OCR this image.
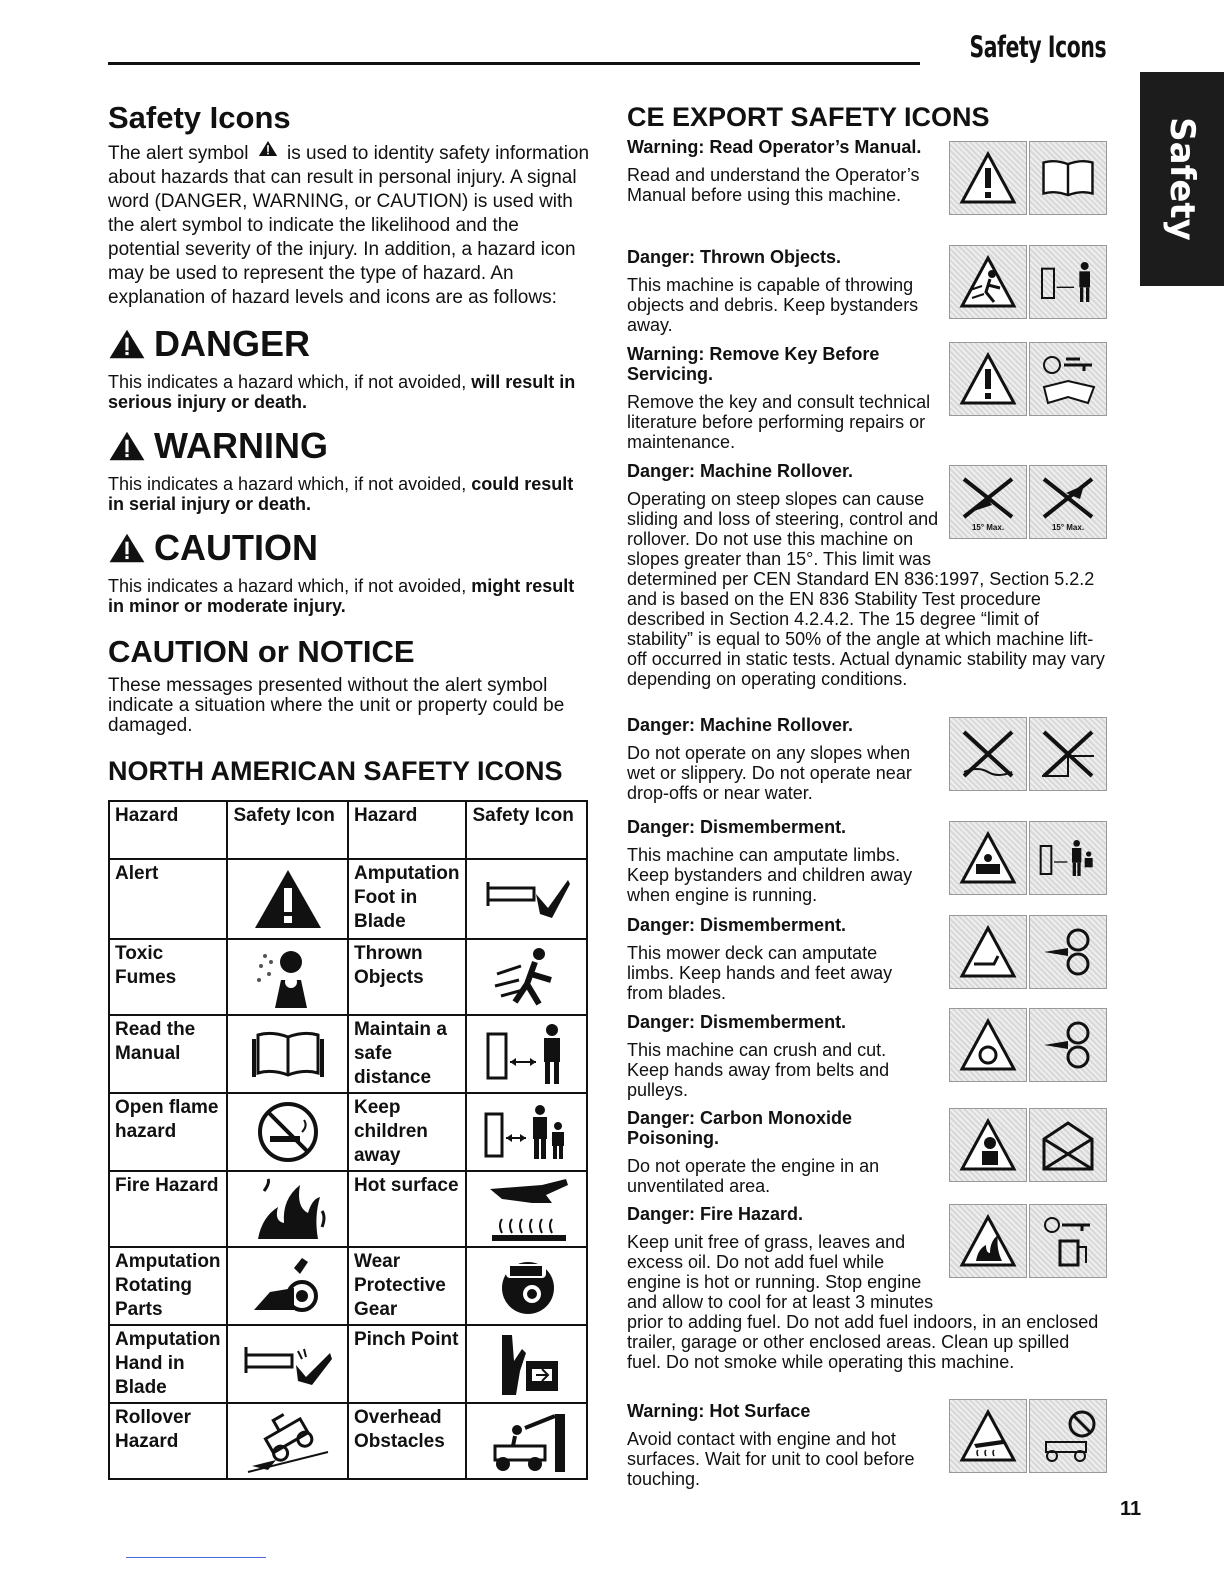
Safety Icons
Safety
Safety Icons

The alert symbol is used to identity safety information about hazards that can result in personal injury. A signal word (DANGER, WARNING, or CAUTION) is used with the alert symbol to indicate the likelihood and the potential severity of the injury. In addition, a hazard icon may be used to represent the type of hazard. An explanation of hazard levels and icons are as follows:

DANGER

This indicates a hazard which, if not avoided, will result in serious injury or death.

WARNING

This indicates a hazard which, if not avoided, could result in serial injury or death.

CAUTION

This indicates a hazard which, if not avoided, might result in minor or moderate injury.

CAUTION or NOTICE

These messages presented without the alert symbol indicate a situation where the unit or property could be damaged.

NORTH AMERICAN SAFETY ICONS
Hazard	Safety Icon	Hazard	Safety Icon
Alert		Amputation Foot in Blade	

Toxic Fumes		Thrown Objects	

Read the Manual		Maintain a safe distance	

Open flame hazard		Keep children away	

Fire Hazard		Hot surface	

Amputation Rotating Parts		Wear Protective Gear	

Amputation Hand in Blade		Pinch Point	

Rollover Hazard		Overhead Obstacles	
CE EXPORT SAFETY ICONS
Warning: Read Operator’s Manual.
Read and understand the Operator’s Manual before using this machine.
Danger: Thrown Objects.
This machine is capable of throwing objects and debris. Keep bystanders away.
Warning: Remove Key Before Servicing.
Remove the key and consult technical literature before performing repairs or maintenance.
Danger: Machine Rollover.
Operating on steep slopes can cause sliding and loss of steering, control and rollover. Do not use this machine on slopes greater than 15°. This limit was determined per CEN Standard EN 836:1997, Section 5.2.2 and is based on the EN 836 Stability Test procedure described in Section 4.2.4.2. The 15 degree “limit of stability” is equal to 50% of the angle at which machine lift-off occurred in static tests. Actual dynamic stability may vary depending on operating conditions.
15° Max.	15° Max.
Danger: Machine Rollover.
Do not operate on any slopes when wet or slippery. Do not operate near drop-offs or near water.
Danger: Dismemberment.
This machine can amputate limbs. Keep bystanders and children away when engine is running.
Danger: Dismemberment.
This mower deck can amputate limbs. Keep hands and feet away from blades.
Danger: Dismemberment.
This machine can crush and cut. Keep hands away from belts and pulleys.
Danger: Carbon Monoxide Poisoning.
Do not operate the engine in an unventilated area.
Danger: Fire Hazard.
Keep unit free of grass, leaves and excess oil. Do not add fuel while engine is hot or running. Stop engine and allow to cool for at least 3 minutes prior to adding fuel. Do not add fuel indoors, in an enclosed trailer, garage or other enclosed areas. Clean up spilled fuel. Do not smoke while operating this machine.
Warning: Hot Surface
Avoid contact with engine and hot surfaces. Wait for unit to cool before touching.
11
